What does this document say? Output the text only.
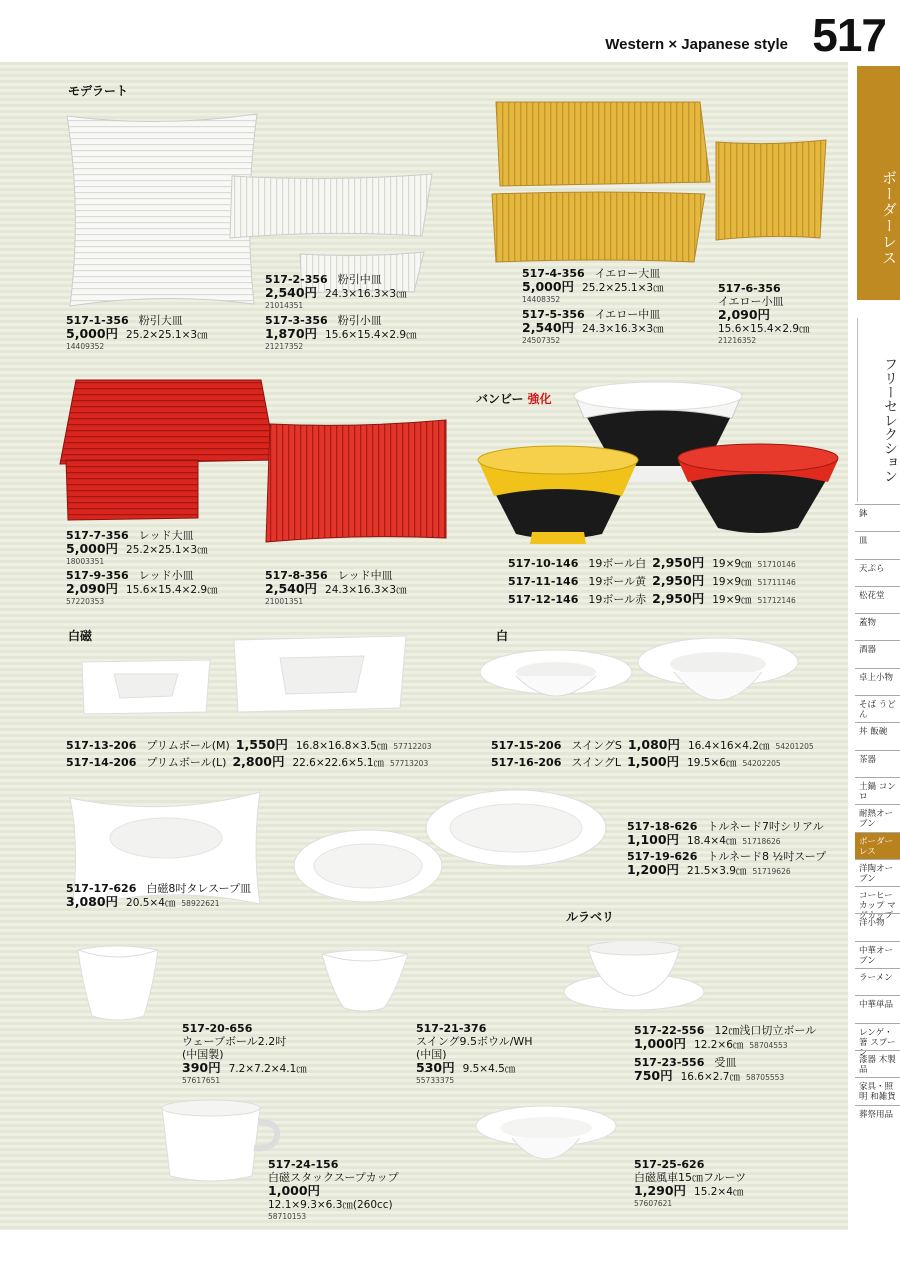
Western × Japanese style 517
モデラート
バンビー 強化
白磁	白
ルラベリ
517-2-356 粉引中皿
2,540円 24.3×16.3×3㎝
21014351
517-3-356 粉引小皿
1,870円 15.6×15.4×2.9㎝
21217352
517-1-356 粉引大皿
5,000円 25.2×25.1×3㎝
14409352
517-4-356 イエロー大皿
5,000円 25.2×25.1×3㎝
14408352
517-5-356 イエロー中皿
2,540円 24.3×16.3×3㎝
24507352
517-6-356
イエロー小皿
2,090円
15.6×15.4×2.9㎝
21216352
517-7-356 レッド大皿
5,000円 25.2×25.1×3㎝
18003351
517-9-356 レッド小皿
2,090円 15.6×15.4×2.9㎝
57220353
517-8-356 レッド中皿
2,540円 24.3×16.3×3㎝
21001351
517-10-146 19ボール白 2,950円 19×9㎝ 51710146
517-11-146 19ボール黄 2,950円 19×9㎝ 51711146
517-12-146 19ボール赤 2,950円 19×9㎝ 51712146
517-13-206 プリムボール(M) 1,550円 16.8×16.8×3.5㎝ 57712203
517-14-206 プリムボール(L) 2,800円 22.6×22.6×5.1㎝ 57713203
517-15-206 スイングS 1,080円 16.4×16×4.2㎝ 54201205
517-16-206 スイングL 1,500円 19.5×6㎝ 54202205
517-18-626 トルネード7吋シリアル
1,100円 18.4×4㎝ 51718626
517-19-626 トルネード8 ½吋スープ
1,200円 21.5×3.9㎝ 51719626
517-17-626 白磁8吋タレスープ皿
3,080円 20.5×4㎝ 58922621
517-20-656
ウェーブボール2.2吋
(中国製)
390円 7.2×7.2×4.1㎝
57617651
517-21-376
スイング9.5ボウル/WH
(中国)
530円 9.5×4.5㎝
55733375
517-22-556 12㎝浅口切立ボール
1,000円 12.2×6㎝ 58704553
517-23-556 受皿
750円 16.6×2.7㎝ 58705553
517-24-156
白磁スタックスープカップ
1,000円
12.1×9.3×6.3㎝(260cc)
58710153
517-25-626
白磁風車15㎝フルーツ
1,290円 15.2×4㎝
57607621
ボーダーレス
フリーセレクション
鉢
皿
天ぷら
松花堂
蓋物
酒器
卓上小物
そば うどん
丼 飯碗
茶器
土鍋 コンロ
耐熱オーブン
ボーダーレス
洋陶オーブン
コーヒーカップ マグカップ
洋小物
中華オーブン
ラーメン
中華単品
レンゲ・箸 スプーン
漆器 木製品
家具・照明 和雑貨
葬祭用品
